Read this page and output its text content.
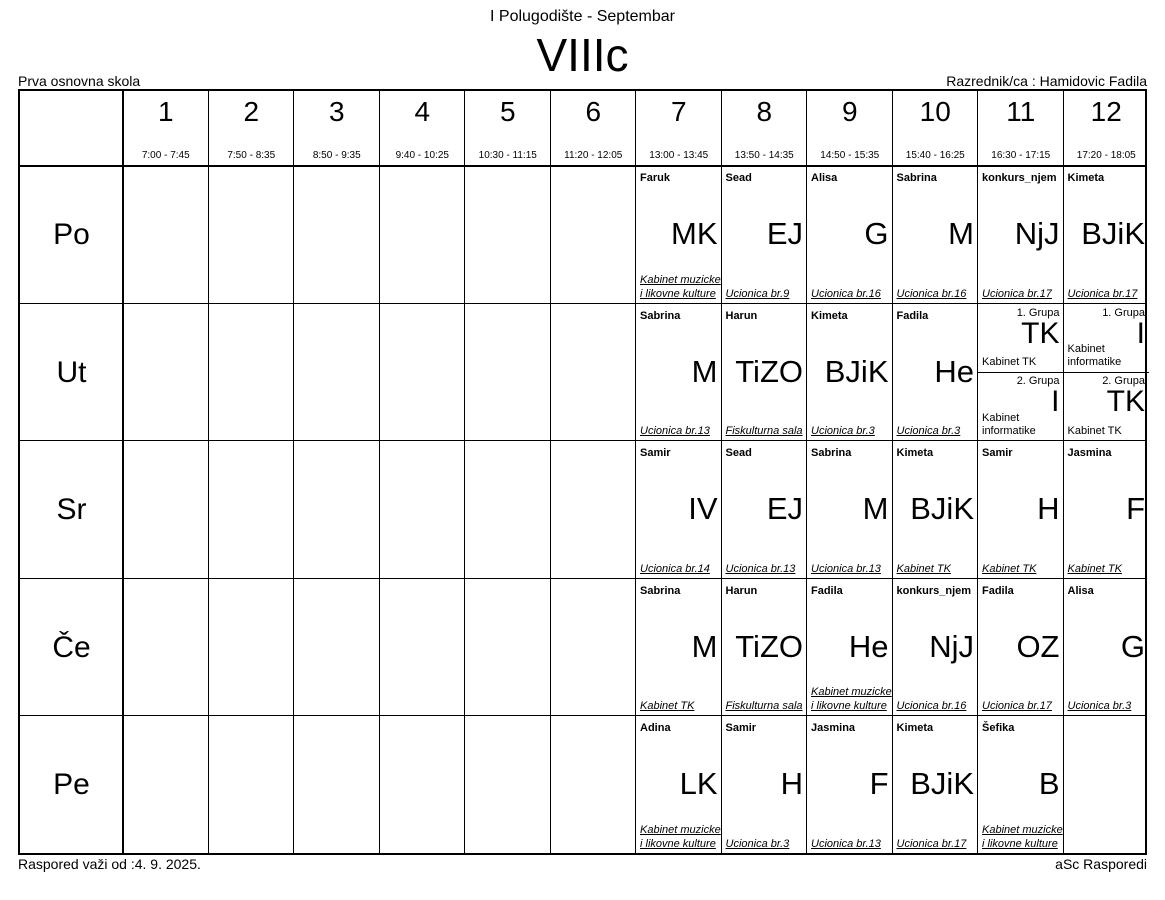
I Polugodište - Septembar
VIIIc
Prva osnovna skola	Razrednik/ca : Hamidovic Fadila
1
7:00 - 7:45
2
7:50 - 8:35
3
8:50 - 9:35
4
9:40 - 10:25
5
10:30 - 11:15
6
11:20 - 12:05
7
13:00 - 13:45
8
13:50 - 14:35
9
14:50 - 15:35
10
15:40 - 16:25
11
16:30 - 17:15
12
17:20 - 18:05
Po
Faruk
MK
Kabinet muzicke i likovne kulture
Sead
EJ
Ucionica br.9
Alisa
G
Ucionica br.16
Sabrina
M
Ucionica br.16
konkurs_njem
NjJ
Ucionica br.17
Kimeta
BJiK
Ucionica br.17
Ut
Sabrina
M
Ucionica br.13
Harun
TiZO
Fiskulturna sala
Kimeta
BJiK
Ucionica br.3
Fadila
He
Ucionica br.3
1. Grupa
TK
Kabinet TK
2. Grupa
I
Kabinet informatike
1. Grupa
I
Kabinet informatike
2. Grupa
TK
Kabinet TK
Sr
Samir
IV
Ucionica br.14
Sead
EJ
Ucionica br.13
Sabrina
M
Ucionica br.13
Kimeta
BJiK
Kabinet TK
Samir
H
Kabinet TK
Jasmina
F
Kabinet TK
Če
Sabrina
M
Kabinet TK
Harun
TiZO
Fiskulturna sala
Fadila
He
Kabinet muzicke i likovne kulture
konkurs_njem
NjJ
Ucionica br.16
Fadila
OZ
Ucionica br.17
Alisa
G
Ucionica br.3
Pe
Adina
LK
Kabinet muzicke i likovne kulture
Samir
H
Ucionica br.3
Jasmina
F
Ucionica br.13
Kimeta
BJiK
Ucionica br.17
Šefika
B
Kabinet muzicke i likovne kulture
Raspored važi od :4. 9. 2025.	aSc Rasporedi
